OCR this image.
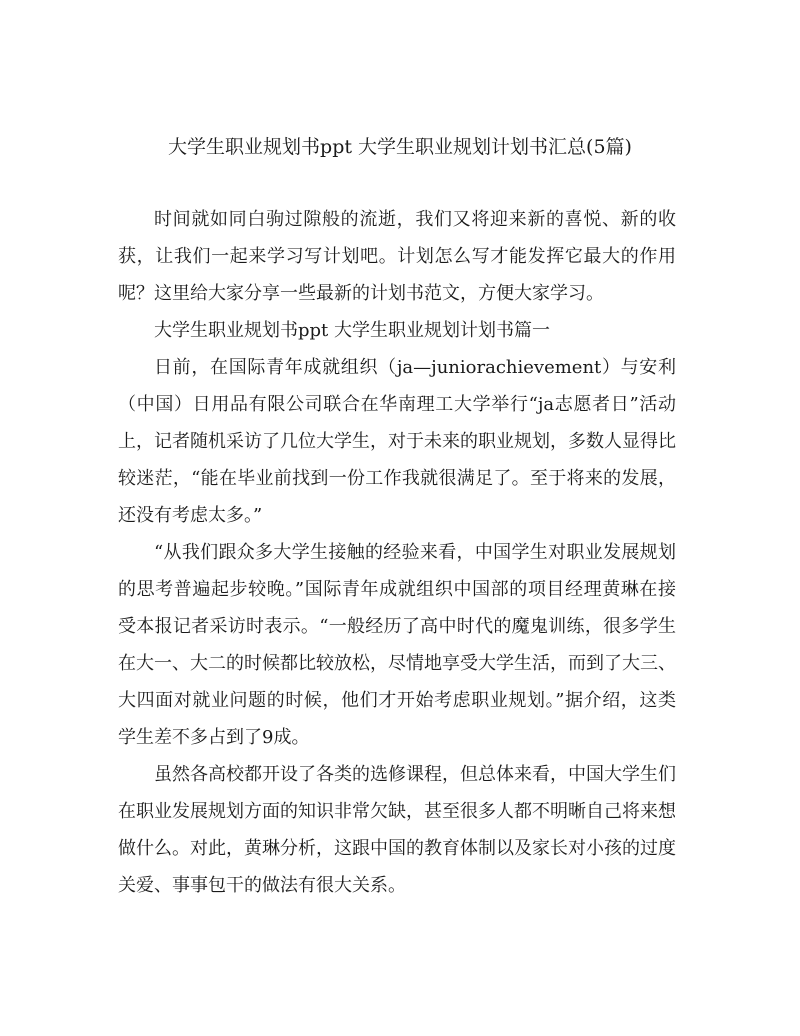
大学生职业规划书ppt 大学生职业规划计划书汇总(5篇)

时间就如同白驹过隙般的流逝，我们又将迎来新的喜悦、新的收获，让我们一起来学习写计划吧。计划怎么写才能发挥它最大的作用呢？这里给大家分享一些最新的计划书范文，方便大家学习。

大学生职业规划书ppt 大学生职业规划计划书篇一

日前，在国际青年成就组织（ja—juniorachievement）与安利（中国）日用品有限公司联合在华南理工大学举行“ja志愿者日”活动上，记者随机采访了几位大学生，对于未来的职业规划，多数人显得比较迷茫，“能在毕业前找到一份工作我就很满足了。至于将来的发展，还没有考虑太多。”

“从我们跟众多大学生接触的经验来看，中国学生对职业发展规划的思考普遍起步较晚。”国际青年成就组织中国部的项目经理黄琳在接受本报记者采访时表示。“一般经历了高中时代的魔鬼训练，很多学生在大一、大二的时候都比较放松，尽情地享受大学生活，而到了大三、大四面对就业问题的时候，他们才开始考虑职业规划。”据介绍，这类学生差不多占到了9成。

虽然各高校都开设了各类的选修课程，但总体来看，中国大学生们在职业发展规划方面的知识非常欠缺，甚至很多人都不明晰自己将来想做什么。对此，黄琳分析，这跟中国的教育体制以及家长对小孩的过度关爱、事事包干的做法有很大关系。
